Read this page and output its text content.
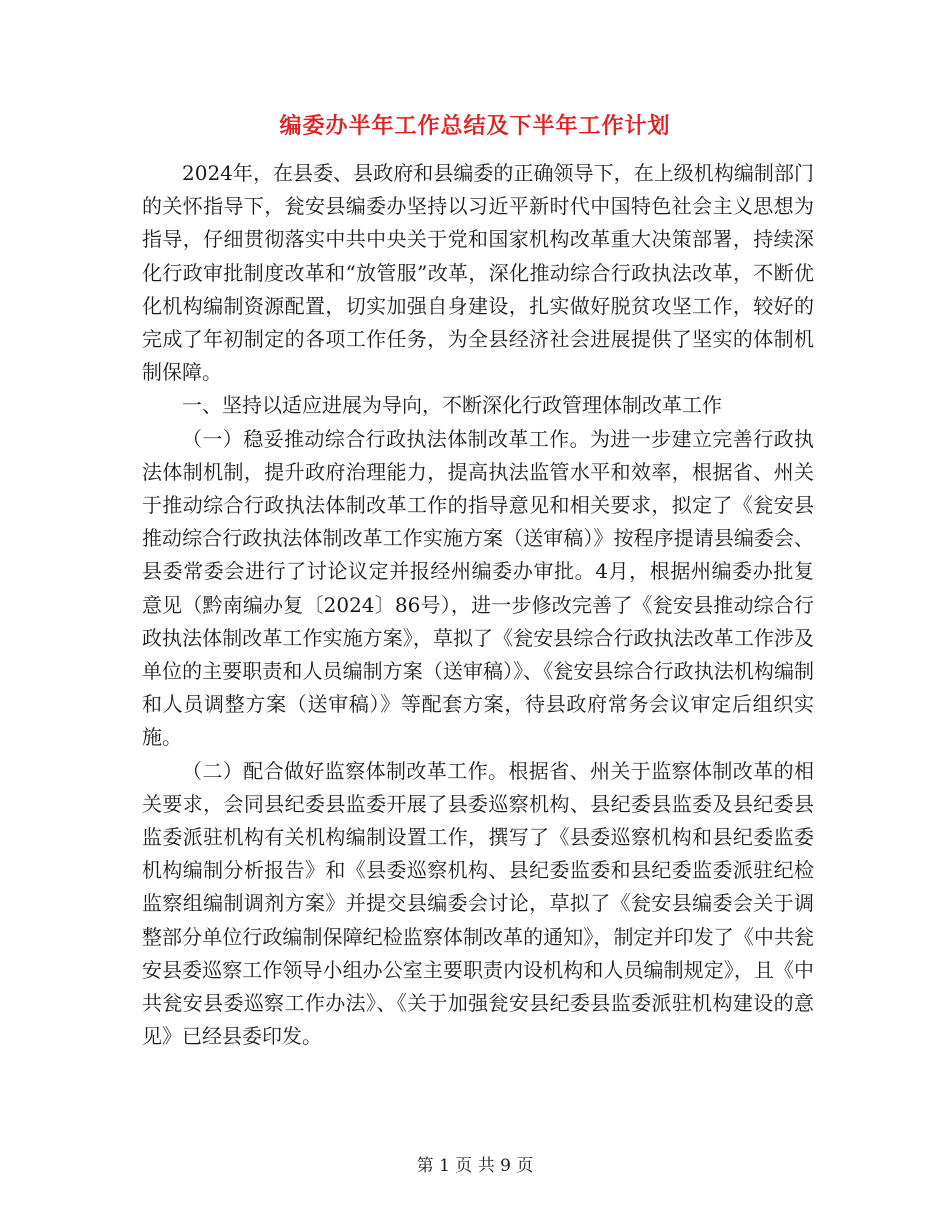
编委办半年工作总结及下半年工作计划

2024年，在县委、县政府和县编委的正确领导下，在上级机构编制部门的关怀指导下，瓮安县编委办坚持以习近平新时代中国特色社会主义思想为指导，仔细贯彻落实中共中央关于党和国家机构改革重大决策部署，持续深化行政审批制度改革和“放管服”改革，深化推动综合行政执法改革，不断优化机构编制资源配置，切实加强自身建设，扎实做好脱贫攻坚工作，较好的完成了年初制定的各项工作任务，为全县经济社会进展提供了坚实的体制机制保障。

一、坚持以适应进展为导向，不断深化行政管理体制改革工作

（一）稳妥推动综合行政执法体制改革工作。为进一步建立完善行政执法体制机制，提升政府治理能力，提高执法监管水平和效率，根据省、州关于推动综合行政执法体制改革工作的指导意见和相关要求，拟定了《瓮安县推动综合行政执法体制改革工作实施方案（送审稿）》按程序提请县编委会、县委常委会进行了讨论议定并报经州编委办审批。4月，根据州编委办批复意见（黔南编办复〔2024〕86号），进一步修改完善了《瓮安县推动综合行政执法体制改革工作实施方案》，草拟了《瓮安县综合行政执法改革工作涉及单位的主要职责和人员编制方案（送审稿）》、《瓮安县综合行政执法机构编制和人员调整方案（送审稿）》等配套方案，待县政府常务会议审定后组织实施。

（二）配合做好监察体制改革工作。根据省、州关于监察体制改革的相关要求，会同县纪委县监委开展了县委巡察机构、县纪委县监委及县纪委县监委派驻机构有关机构编制设置工作，撰写了《县委巡察机构和县纪委监委机构编制分析报告》和《县委巡察机构、县纪委监委和县纪委监委派驻纪检监察组编制调剂方案》并提交县编委会讨论，草拟了《瓮安县编委会关于调整部分单位行政编制保障纪检监察体制改革的通知》，制定并印发了《中共瓮安县委巡察工作领导小组办公室主要职责内设机构和人员编制规定》，且《中共瓮安县委巡察工作办法》、《关于加强瓮安县纪委县监委派驻机构建设的意见》已经县委印发。

第 1 页 共 9 页
